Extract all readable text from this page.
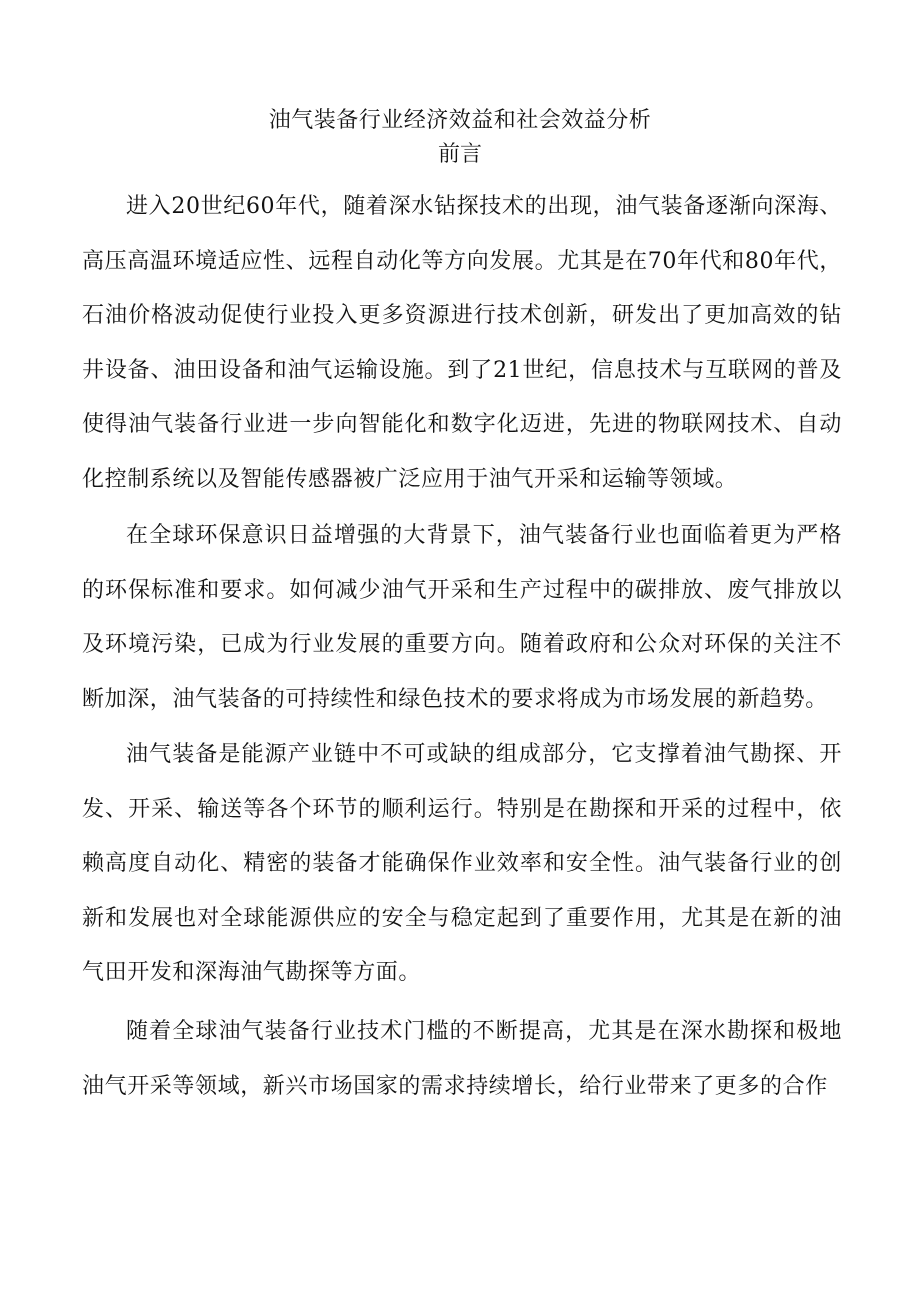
油气装备行业经济效益和社会效益分析
前言

进入20世纪60年代，随着深水钻探技术的出现，油气装备逐渐向深海、高压高温环境适应性、远程自动化等方向发展。尤其是在70年代和80年代，石油价格波动促使行业投入更多资源进行技术创新，研发出了更加高效的钻井设备、油田设备和油气运输设施。到了21世纪，信息技术与互联网的普及使得油气装备行业进一步向智能化和数字化迈进，先进的物联网技术、自动化控制系统以及智能传感器被广泛应用于油气开采和运输等领域。

在全球环保意识日益增强的大背景下，油气装备行业也面临着更为严格的环保标准和要求。如何减少油气开采和生产过程中的碳排放、废气排放以及环境污染，已成为行业发展的重要方向。随着政府和公众对环保的关注不断加深，油气装备的可持续性和绿色技术的要求将成为市场发展的新趋势。

油气装备是能源产业链中不可或缺的组成部分，它支撑着油气勘探、开发、开采、输送等各个环节的顺利运行。特别是在勘探和开采的过程中，依赖高度自动化、精密的装备才能确保作业效率和安全性。油气装备行业的创新和发展也对全球能源供应的安全与稳定起到了重要作用，尤其是在新的油气田开发和深海油气勘探等方面。

随着全球油气装备行业技术门槛的不断提高，尤其是在深水勘探和极地油气开采等领域，新兴市场国家的需求持续增长，给行业带来了更多的合作
